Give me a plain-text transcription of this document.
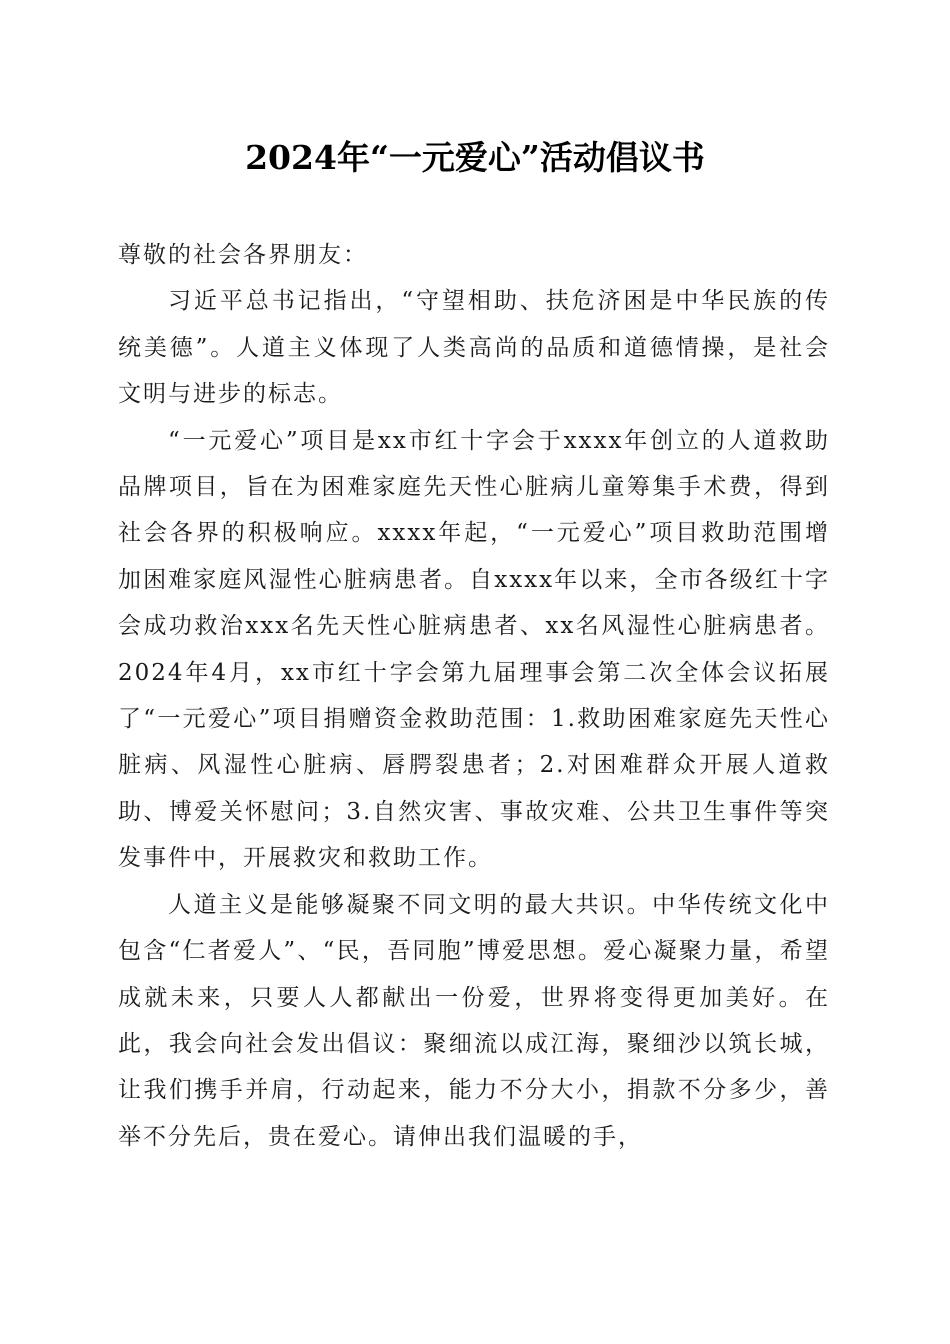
2024年“一元爱心”活动倡议书

尊敬的社会各界朋友：

习近平总书记指出，“守望相助、扶危济困是中华民族的传统美德”。人道主义体现了人类高尚的品质和道德情操，是社会文明与进步的标志。

“一元爱心”项目是xx市红十字会于xxxx年创立的人道救助品牌项目，旨在为困难家庭先天性心脏病儿童筹集手术费，得到社会各界的积极响应。xxxx年起，“一元爱心”项目救助范围增加困难家庭风湿性心脏病患者。自xxxx年以来，全市各级红十字会成功救治xxx名先天性心脏病患者、xx名风湿性心脏病患者。2024年4月，xx市红十字会第九届理事会第二次全体会议拓展了“一元爱心”项目捐赠资金救助范围：1.救助困难家庭先天性心脏病、风湿性心脏病、唇腭裂患者；2.对困难群众开展人道救助、博爱关怀慰问；3.自然灾害、事故灾难、公共卫生事件等突发事件中，开展救灾和救助工作。

人道主义是能够凝聚不同文明的最大共识。中华传统文化中包含“仁者爱人”、“民，吾同胞”博爱思想。爱心凝聚力量，希望成就未来，只要人人都献出一份爱，世界将变得更加美好。在此，我会向社会发出倡议：聚细流以成江海，聚细沙以筑长城，让我们携手并肩，行动起来，能力不分大小，捐款不分多少，善举不分先后，贵在爱心。请伸出我们温暖的手，
